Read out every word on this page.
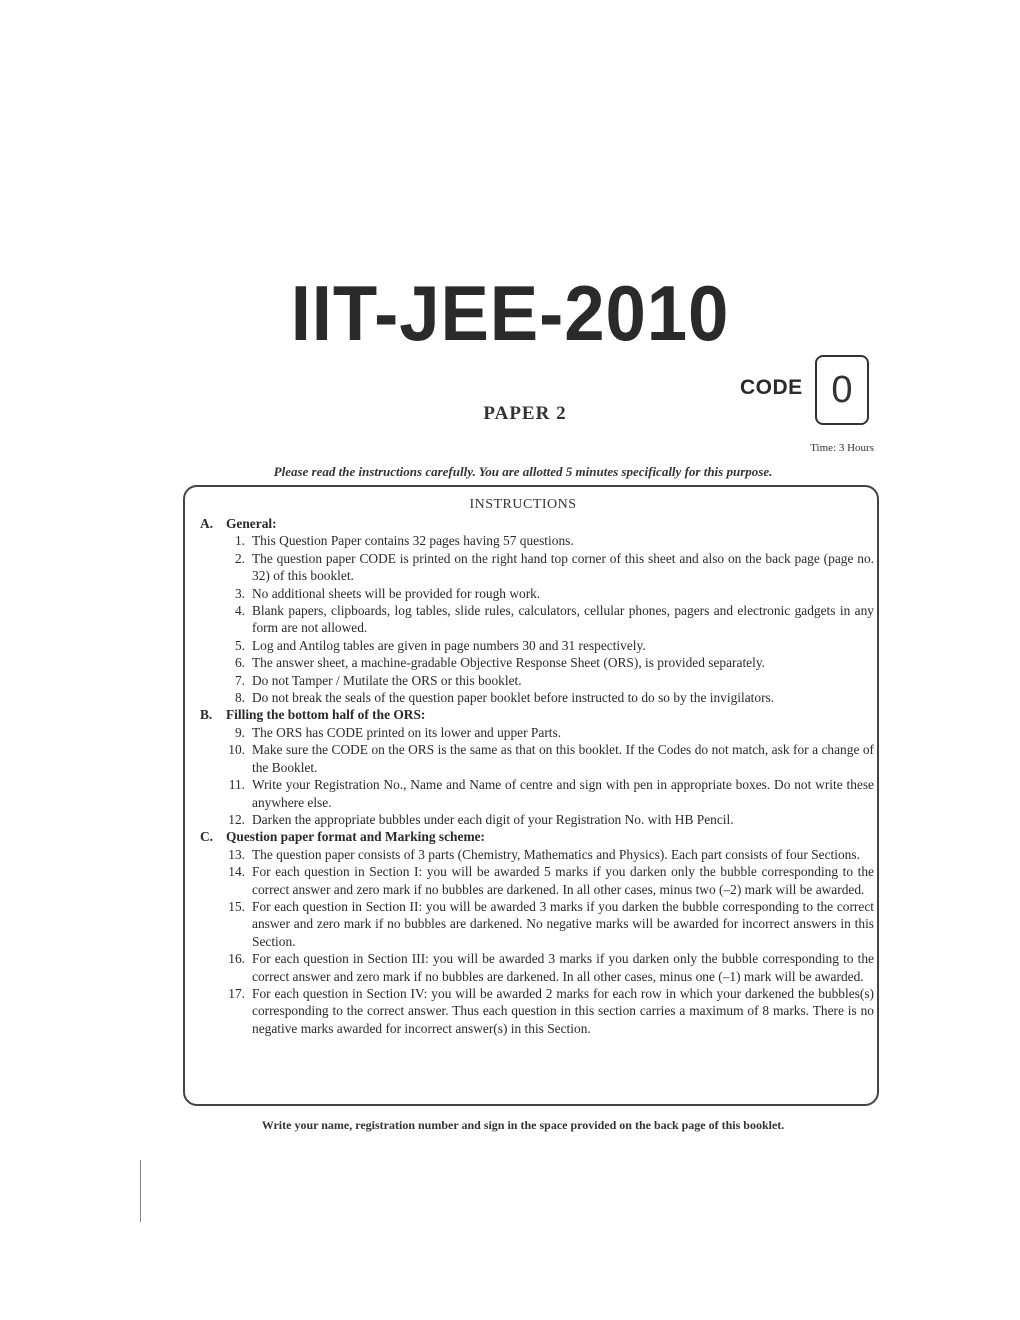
IIT-JEE-2010
CODE 0
PAPER 2
Time: 3 Hours
Please read the instructions carefully. You are allotted 5 minutes specifically for this purpose.
INSTRUCTIONS
A. General:
1. This Question Paper contains 32 pages having 57 questions.
2. The question paper CODE is printed on the right hand top corner of this sheet and also on the back page (page no. 32) of this booklet.
3. No additional sheets will be provided for rough work.
4. Blank papers, clipboards, log tables, slide rules, calculators, cellular phones, pagers and electronic gadgets in any form are not allowed.
5. Log and Antilog tables are given in page numbers 30 and 31 respectively.
6. The answer sheet, a machine-gradable Objective Response Sheet (ORS), is provided separately.
7. Do not Tamper / Mutilate the ORS or this booklet.
8. Do not break the seals of the question paper booklet before instructed to do so by the invigilators.
B.	Filling the bottom half of the ORS:
9. The ORS has CODE printed on its lower and upper Parts.
10. Make sure the CODE on the ORS is the same as that on this booklet. If the Codes do not match, ask for a change of the Booklet.
11. Write your Registration No., Name and Name of centre and sign with pen in appropriate boxes. Do not write these anywhere else.
12. Darken the appropriate bubbles under each digit of your Registration No. with HB Pencil.
C. Question paper format and Marking scheme:
13. The question paper consists of 3 parts (Chemistry, Mathematics and Physics). Each part consists of four Sections.
14. For each question in Section I: you will be awarded 5 marks if you darken only the bubble corresponding to the correct answer and zero mark if no bubbles are darkened. In all other cases, minus two (–2) mark will be awarded.
15. For each question in Section II: you will be awarded 3 marks if you darken the bubble corresponding to the correct answer and zero mark if no bubbles are darkened. No negative marks will be awarded for incorrect answers in this Section.
16. For each question in Section III: you will be awarded 3 marks if you darken only the bubble corresponding to the correct answer and zero mark if no bubbles are darkened. In all other cases, minus one (–1) mark will be awarded.
17. For each question in Section IV: you will be awarded 2 marks for each row in which your darkened the bubbles(s) corresponding to the correct answer. Thus each question in this section carries a maximum of 8 marks. There is no negative marks awarded for incorrect answer(s) in this Section.
Write your name, registration number and sign in the space provided on the back page of this booklet.
